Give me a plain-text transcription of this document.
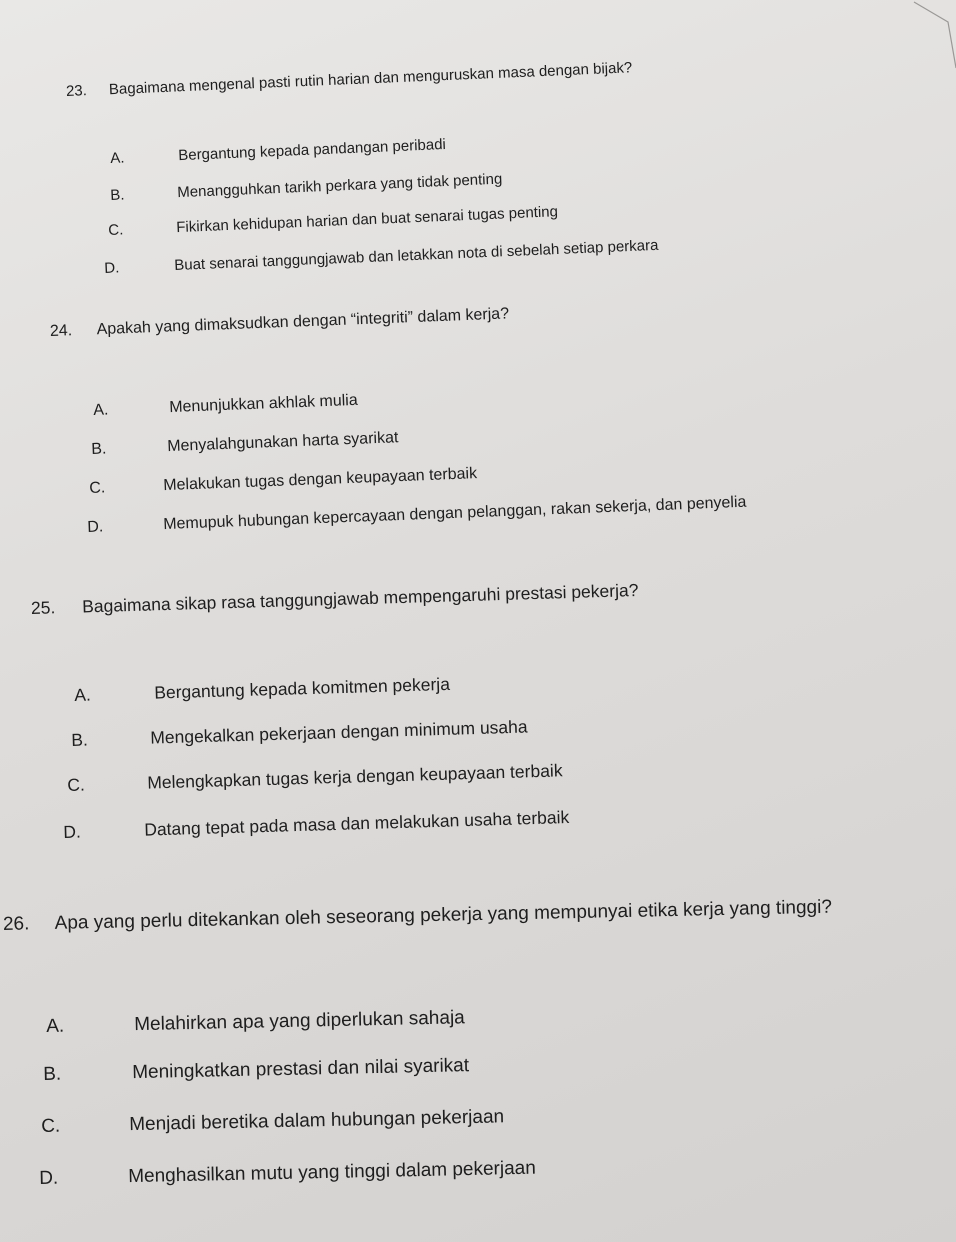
23. Bagaimana mengenal pasti rutin harian dan menguruskan masa dengan bijak?
A.	Bergantung kepada pandangan peribadi
B.	Menangguhkan tarikh perkara yang tidak penting
C.	Fikirkan kehidupan harian dan buat senarai tugas penting
D.	Buat senarai tanggungjawab dan letakkan nota di sebelah setiap perkara
24. Apakah yang dimaksudkan dengan “integriti” dalam kerja?
A.	Menunjukkan akhlak mulia
B.	Menyalahgunakan harta syarikat
C.	Melakukan tugas dengan keupayaan terbaik
D.	Memupuk hubungan kepercayaan dengan pelanggan, rakan sekerja, dan penyelia
25. Bagaimana sikap rasa tanggungjawab mempengaruhi prestasi pekerja?
A.	Bergantung kepada komitmen pekerja
B.	Mengekalkan pekerjaan dengan minimum usaha
C.	Melengkapkan tugas kerja dengan keupayaan terbaik
D.	Datang tepat pada masa dan melakukan usaha terbaik
26. Apa yang perlu ditekankan oleh seseorang pekerja yang mempunyai etika kerja yang tinggi?
A.	Melahirkan apa yang diperlukan sahaja
B.	Meningkatkan prestasi dan nilai syarikat
C.	Menjadi beretika dalam hubungan pekerjaan
D.	Menghasilkan mutu yang tinggi dalam pekerjaan
